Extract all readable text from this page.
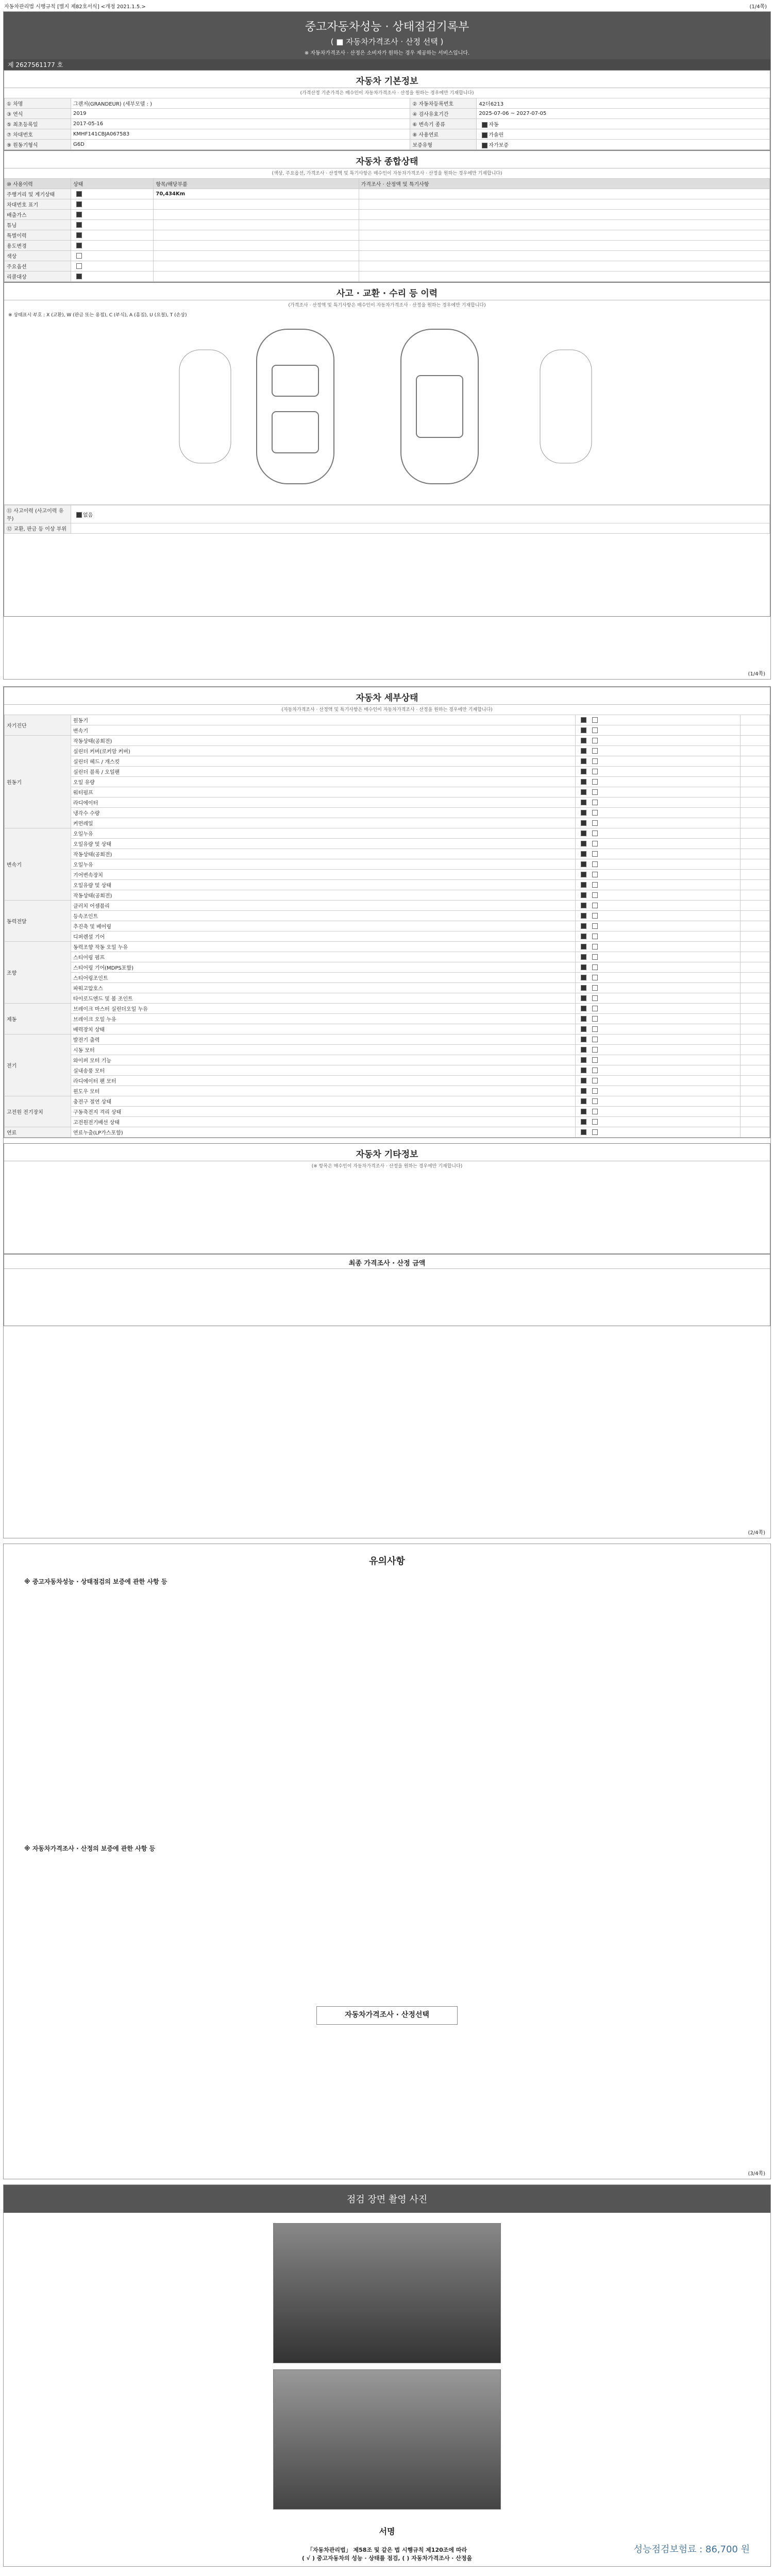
자동차관리법 시행규칙 [별지 제82호서식] <개정 2021.1.5.>	(1/4쪽)
중고자동차성능 · 상태점검기록부
( ■ 자동차가격조사 · 산정 선택 )
※ 자동차가격조사 · 산정은 소비자가 원하는 경우 제공하는 서비스입니다.
제 2627561177 호
자동차 기본정보
(가격산정 기준가격은 매수인이 자동차가격조사 · 산정을 원하는 경우에만 기재합니다)
① 차명	그랜저(GRANDEUR) (세부모델 : )	② 자동차등록번호	42더6213
③ 연식	2019	④ 검사유효기간	2025-07-06 ~ 2027-07-05
⑤ 최초등록일	2017-05-16	⑥ 변속기 종류	자동
⑦ 차대번호	KMHF141CBJA067583	⑧ 사용연료	가솔린
⑨ 원동기형식	G6D	보증유형	자가보증
자동차 종합상태
(색상, 주요옵션, 가격조사 · 산정액 및 특기사항은 매수인이 자동차가격조사 · 산정을 원하는 경우에만 기재합니다)
⑩ 사용이력	상태	항목/해당부품	가격조사 · 산정액 및 특기사항
주행거리 및 계기상태		70,434Km	
차대번호 표기			
배출가스			
튜닝			
특별이력			
용도변경			
색상			
주요옵션			
리콜대상			
사고 · 교환 · 수리 등 이력
(가격조사 · 산정액 및 특기사항은 매수인이 자동차가격조사 · 산정을 원하는 경우에만 기재합니다)
※ 상태표시 부호 : X (교환), W (판금 또는 용접), C (부식), A (흠집), U (요철), T (손상)
⑪ 사고이력 (사고이력 유무)	없음
⑫ 교환, 판금 등 이상 부위	
(1/4쪽)
자동차 세부상태
(자동차가격조사 · 산정액 및 특기사항은 매수인이 자동차가격조사 · 산정을 원하는 경우에만 기재합니다)
자기진단	원동기		
	변속기		
원동기	작동상태(공회전)		
	실린더 커버(로커암 커버)		
	실린더 헤드 / 개스킷		
	실린더 블록 / 오일팬		
	오일 유량		
	워터펌프		
	라디에이터		
	냉각수 수량		
	커먼레일		
변속기	오일누유		
	오일유량 및 상태		
	작동상태(공회전)		
	오일누유		
	기어변속장치		
	오일유량 및 상태		
	작동상태(공회전)		
동력전달	클러치 어셈블리		
	등속조인트		
	추진축 및 베어링		
	디퍼렌셜 기어		
조향	동력조향 작동 오일 누유		
	스티어링 펌프		
	스티어링 기어(MDPS포함)		
	스티어링조인트		
	파워고압호스		
	타이로드엔드 및 볼 조인트		
제동	브레이크 마스터 실린더오일 누유		
	브레이크 오일 누유		
	배력장치 상태		
전기	발전기 출력		
	시동 모터		
	와이퍼 모터 기능		
	실내송풍 모터		
	라디에이터 팬 모터		
	윈도우 모터		
고전원 전기장치	충전구 절연 상태		
	구동축전지 격리 상태		
	고전원전기배선 상태		
연료	연료누출(LP가스포함)		
자동차 기타정보
(※ 항목은 매수인이 자동차가격조사 · 산정을 원하는 경우에만 기재합니다)
최종 가격조사 · 산정 금액
(2/4쪽)
유의사항
※ 중고자동차성능 · 상태점검의 보증에 관한 사항 등
※ 자동차가격조사 · 산정의 보증에 관한 사항 등
자동차가격조사 · 산정선택
(3/4쪽)
점검 장면 촬영 사진
서명
성능점검보험료 : 86,700 원
「자동차관리법」 제58조 및 같은 법 시행규칙 제120조에 따라
( √ ) 중고자동차의 성능 · 상태를 점검, ( ) 자동차가격조사 · 산정을
